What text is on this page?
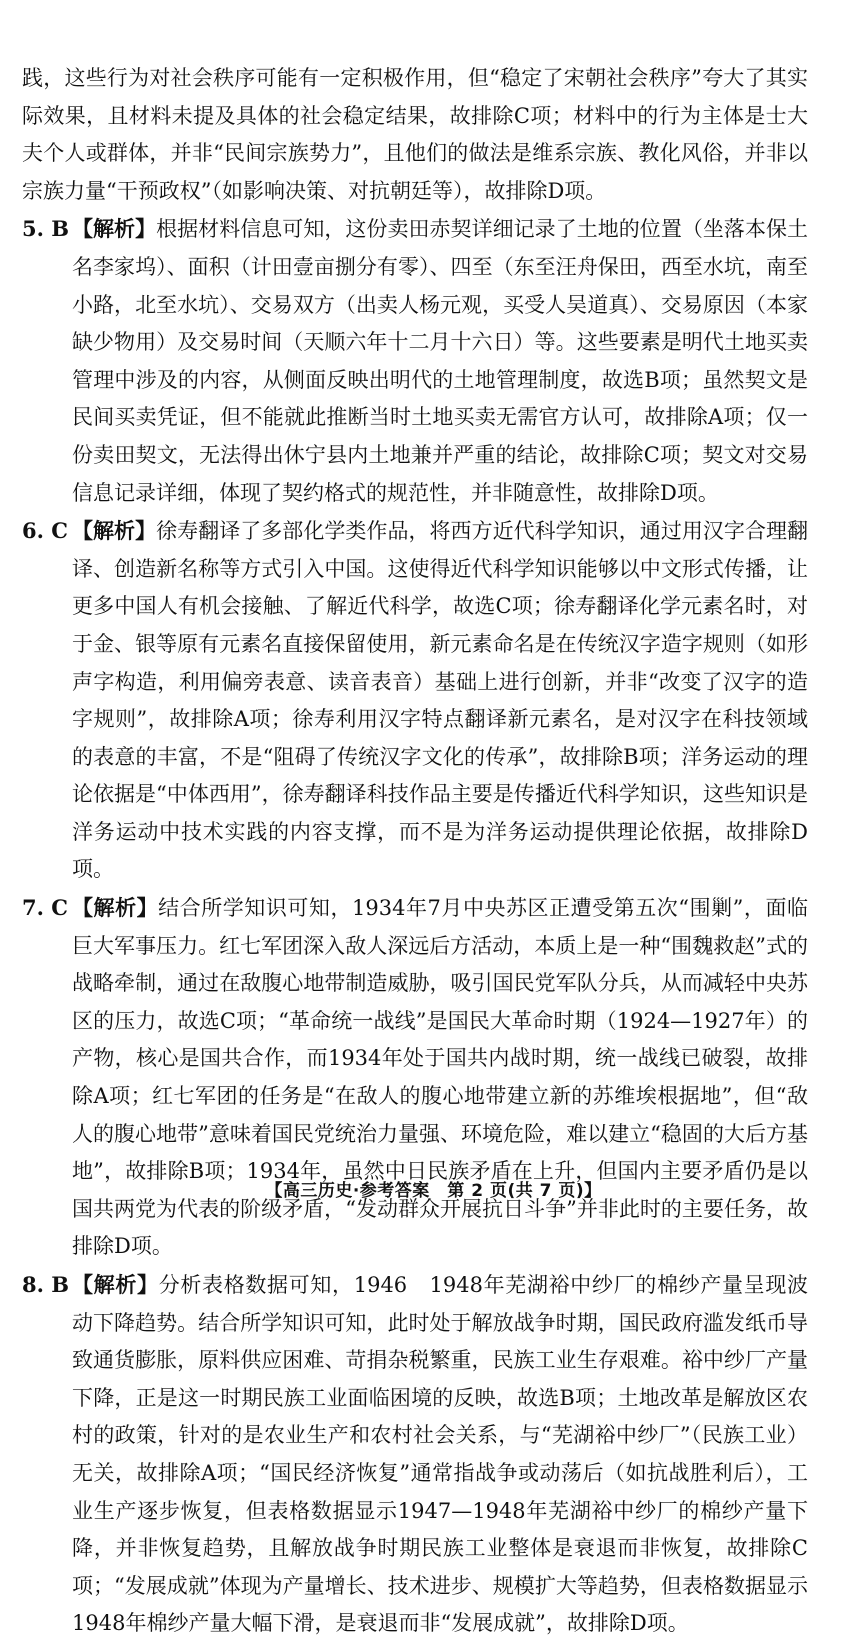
践，这些行为对社会秩序可能有一定积极作用，但“稳定了宋朝社会秩序”夸大了其实际效果，且材料未提及具体的社会稳定结果，故排除C项；材料中的行为主体是士大夫个人或群体，并非“民间宗族势力”，且他们的做法是维系宗族、教化风俗，并非以宗族力量“干预政权”（如影响决策、对抗朝廷等），故排除D项。

5. B 【解析】根据材料信息可知，这份卖田赤契详细记录了土地的位置（坐落本保土名李家坞）、面积（计田壹亩捌分有零）、四至（东至汪舟保田，西至水坑，南至小路，北至水坑）、交易双方（出卖人杨元观，买受人吴道真）、交易原因（本家缺少物用）及交易时间（天顺六年十二月十六日）等。这些要素是明代土地买卖管理中涉及的内容，从侧面反映出明代的土地管理制度，故选B项；虽然契文是民间买卖凭证，但不能就此推断当时土地买卖无需官方认可，故排除A项；仅一份卖田契文，无法得出休宁县内土地兼并严重的结论，故排除C项；契文对交易信息记录详细，体现了契约格式的规范性，并非随意性，故排除D项。

6. C 【解析】徐寿翻译了多部化学类作品，将西方近代科学知识，通过用汉字合理翻译、创造新名称等方式引入中国。这使得近代科学知识能够以中文形式传播，让更多中国人有机会接触、了解近代科学，故选C项；徐寿翻译化学元素名时，对于金、银等原有元素名直接保留使用，新元素命名是在传统汉字造字规则（如形声字构造，利用偏旁表意、读音表音）基础上进行创新，并非“改变了汉字的造字规则”，故排除A项；徐寿利用汉字特点翻译新元素名，是对汉字在科技领域的表意的丰富，不是“阻碍了传统汉字文化的传承”，故排除B项；洋务运动的理论依据是“中体西用”，徐寿翻译科技作品主要是传播近代科学知识，这些知识是洋务运动中技术实践的内容支撑，而不是为洋务运动提供理论依据，故排除D项。

7. C 【解析】结合所学知识可知，1934年7月中央苏区正遭受第五次“围剿”，面临巨大军事压力。红七军团深入敌人深远后方活动，本质上是一种“围魏救赵”式的战略牵制，通过在敌腹心地带制造威胁，吸引国民党军队分兵，从而减轻中央苏区的压力，故选C项；“革命统一战线”是国民大革命时期（1924—1927年）的产物，核心是国共合作，而1934年处于国共内战时期，统一战线已破裂，故排除A项；红七军团的任务是“在敌人的腹心地带建立新的苏维埃根据地”，但“敌人的腹心地带”意味着国民党统治力量强、环境危险，难以建立“稳固的大后方基地”，故排除B项；1934年，虽然中日民族矛盾在上升，但国内主要矛盾仍是以国共两党为代表的阶级矛盾，“发动群众开展抗日斗争”并非此时的主要任务，故排除D项。

8. B 【解析】分析表格数据可知，1946　1948年芜湖裕中纱厂的棉纱产量呈现波动下降趋势。结合所学知识可知，此时处于解放战争时期，国民政府滥发纸币导致通货膨胀，原料供应困难、苛捐杂税繁重，民族工业生存艰难。裕中纱厂产量下降，正是这一时期民族工业面临困境的反映，故选B项；土地改革是解放区农村的政策，针对的是农业生产和农村社会关系，与“芜湖裕中纱厂”（民族工业）无关，故排除A项；“国民经济恢复”通常指战争或动荡后（如抗战胜利后），工业生产逐步恢复，但表格数据显示1947—1948年芜湖裕中纱厂的棉纱产量下降，并非恢复趋势，且解放战争时期民族工业整体是衰退而非恢复，故排除C项；“发展成就”体现为产量增长、技术进步、规模扩大等趋势，但表格数据显示1948年棉纱产量大幅下滑，是衰退而非“发展成就”，故排除D项。

【高三历史·参考答案　第 2 页(共 7 页)】
